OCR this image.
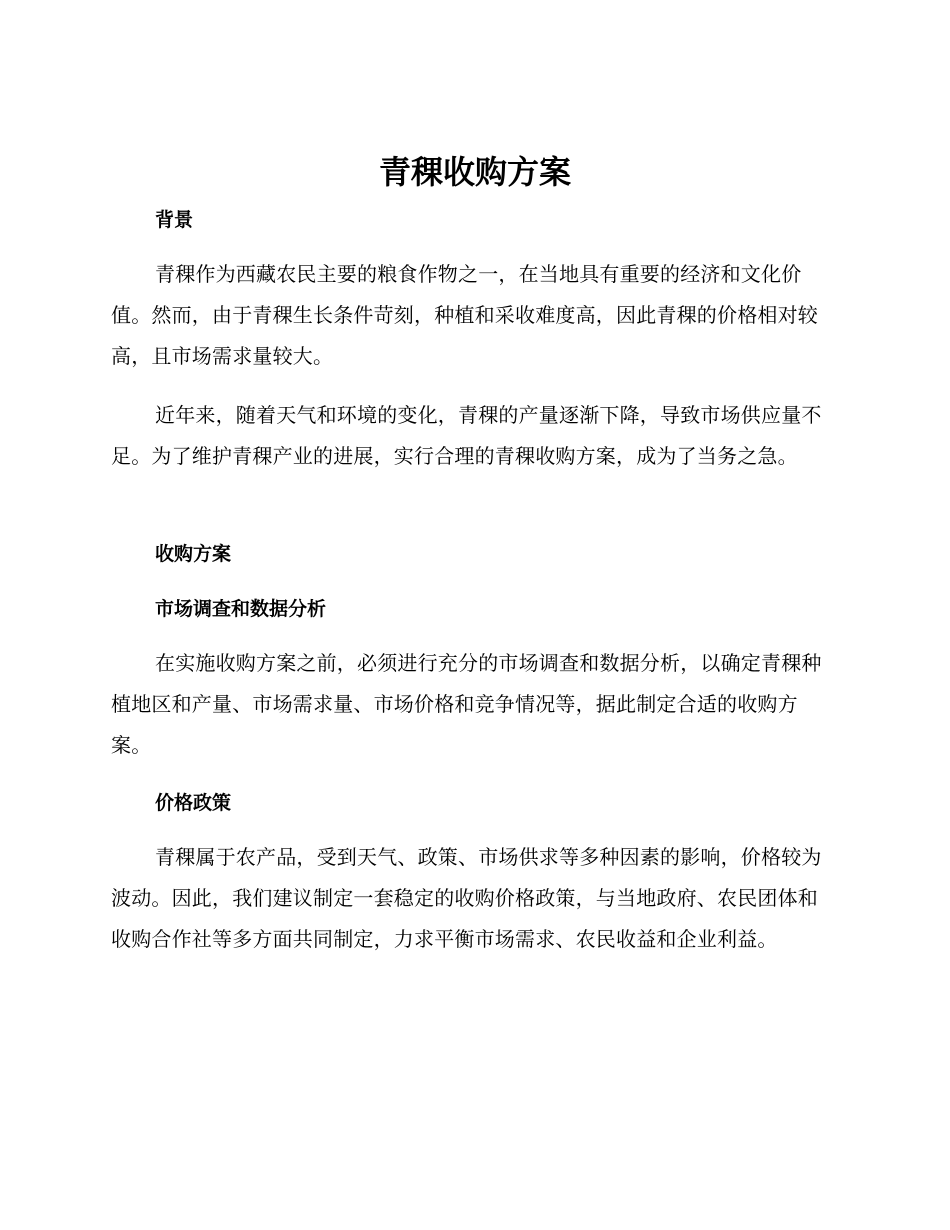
青稞收购方案
背景

青稞作为西藏农民主要的粮食作物之一，在当地具有重要的经济和文化价值。然而，由于青稞生长条件苛刻，种植和采收难度高，因此青稞的价格相对较高，且市场需求量较大。

近年来，随着天气和环境的变化，青稞的产量逐渐下降，导致市场供应量不足。为了维护青稞产业的进展，实行合理的青稞收购方案，成为了当务之急。

收购方案
市场调查和数据分析

在实施收购方案之前，必须进行充分的市场调查和数据分析，以确定青稞种植地区和产量、市场需求量、市场价格和竞争情况等，据此制定合适的收购方案。

价格政策

青稞属于农产品，受到天气、政策、市场供求等多种因素的影响，价格较为波动。因此，我们建议制定一套稳定的收购价格政策，与当地政府、农民团体和收购合作社等多方面共同制定，力求平衡市场需求、农民收益和企业利益。
